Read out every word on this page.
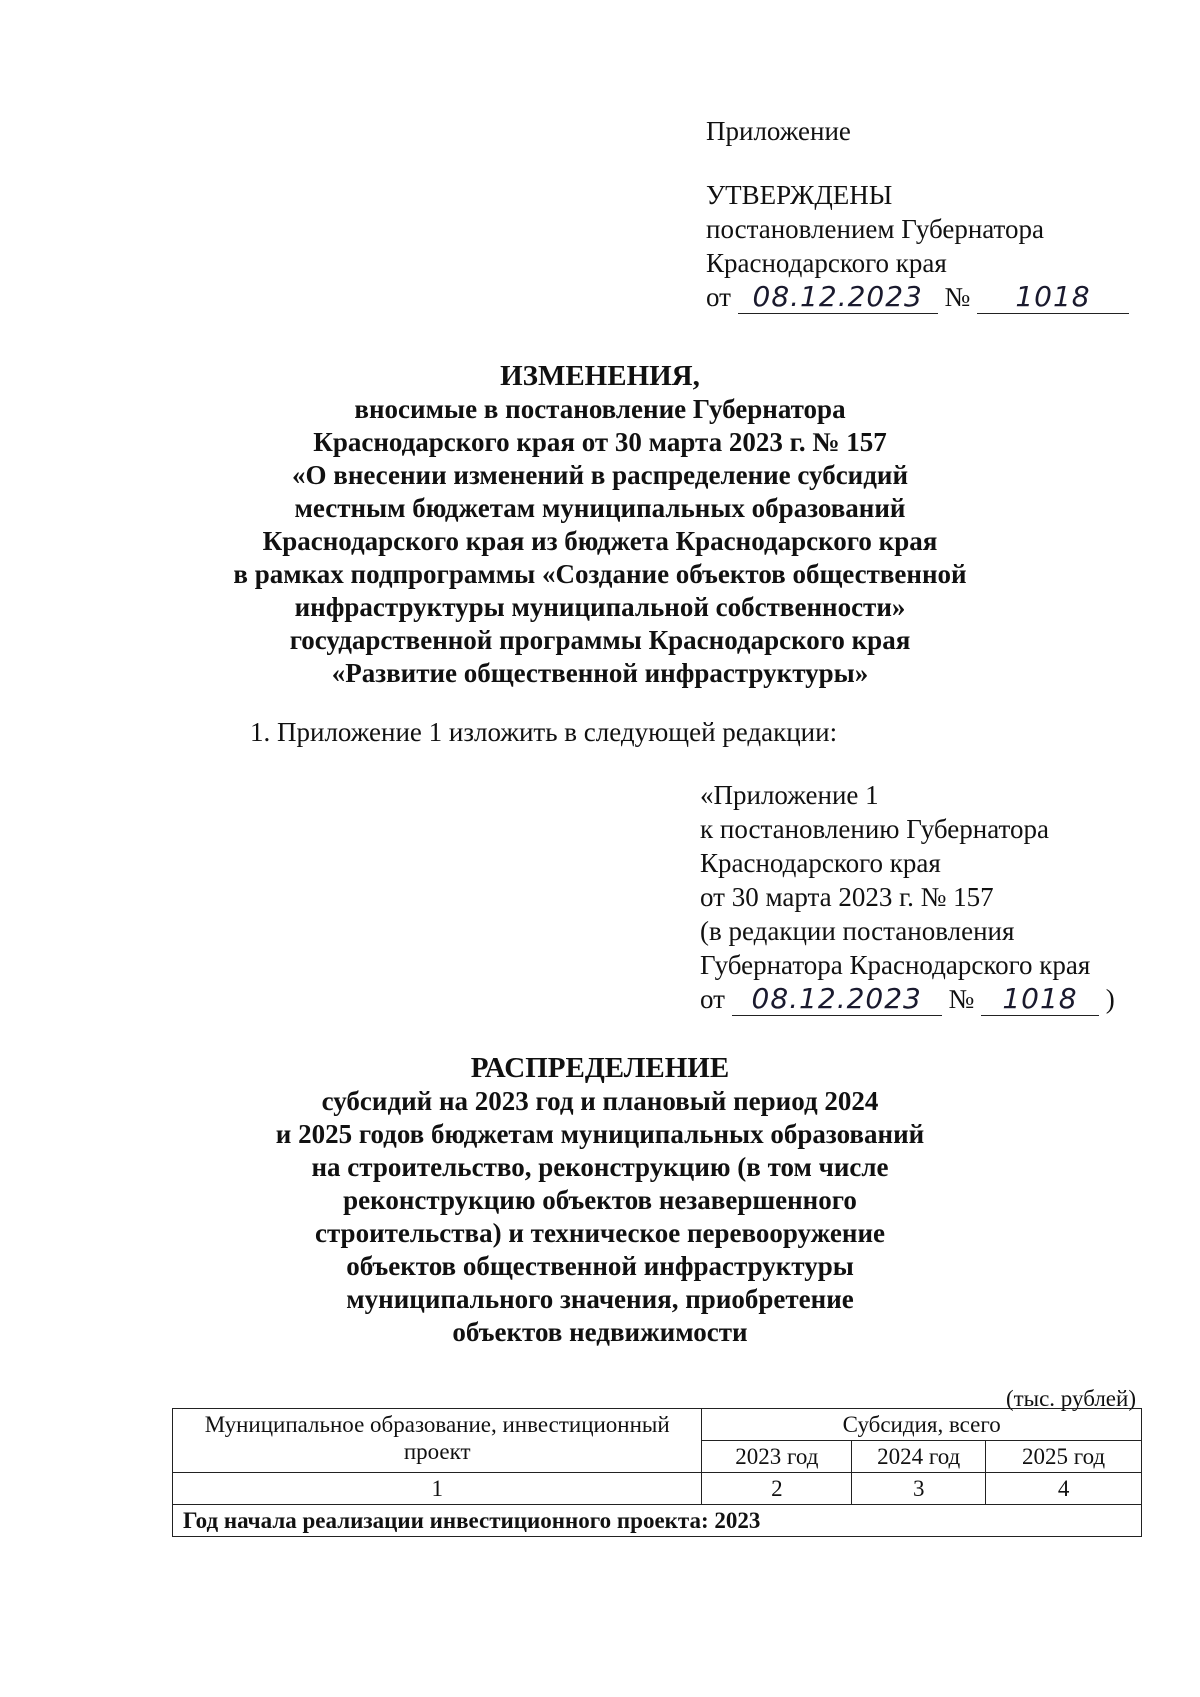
Приложение
УТВЕРЖДЕНЫ
постановлением Губернатора
Краснодарского края
от 08.12.2023 № 1018
ИЗМЕНЕНИЯ,
вносимые в постановление Губернатора
Краснодарского края от 30 марта 2023 г. № 157
«О внесении изменений в распределение субсидий
местным бюджетам муниципальных образований
Краснодарского края из бюджета Краснодарского края
в рамках подпрограммы «Создание объектов общественной
инфраструктуры муниципальной собственности»
государственной программы Краснодарского края
«Развитие общественной инфраструктуры»
1. Приложение 1 изложить в следующей редакции:
«Приложение 1
к постановлению Губернатора
Краснодарского края
от 30 марта 2023 г. № 157
(в редакции постановления
Губернатора Краснодарского края
от 08.12.2023 № 1018 )
РАСПРЕДЕЛЕНИЕ
субсидий на 2023 год и плановый период 2024
и 2025 годов бюджетам муниципальных образований
на строительство, реконструкцию (в том числе
реконструкцию объектов незавершенного
строительства) и техническое перевооружение
объектов общественной инфраструктуры
муниципального значения, приобретение
объектов недвижимости
(тыс. рублей)
Муниципальное образование, инвестиционный проект	Субсидия, всего		
	2023 год	2024 год	2025 год
1	2	3	4
Год начала реализации инвестиционного проекта: 2023			
